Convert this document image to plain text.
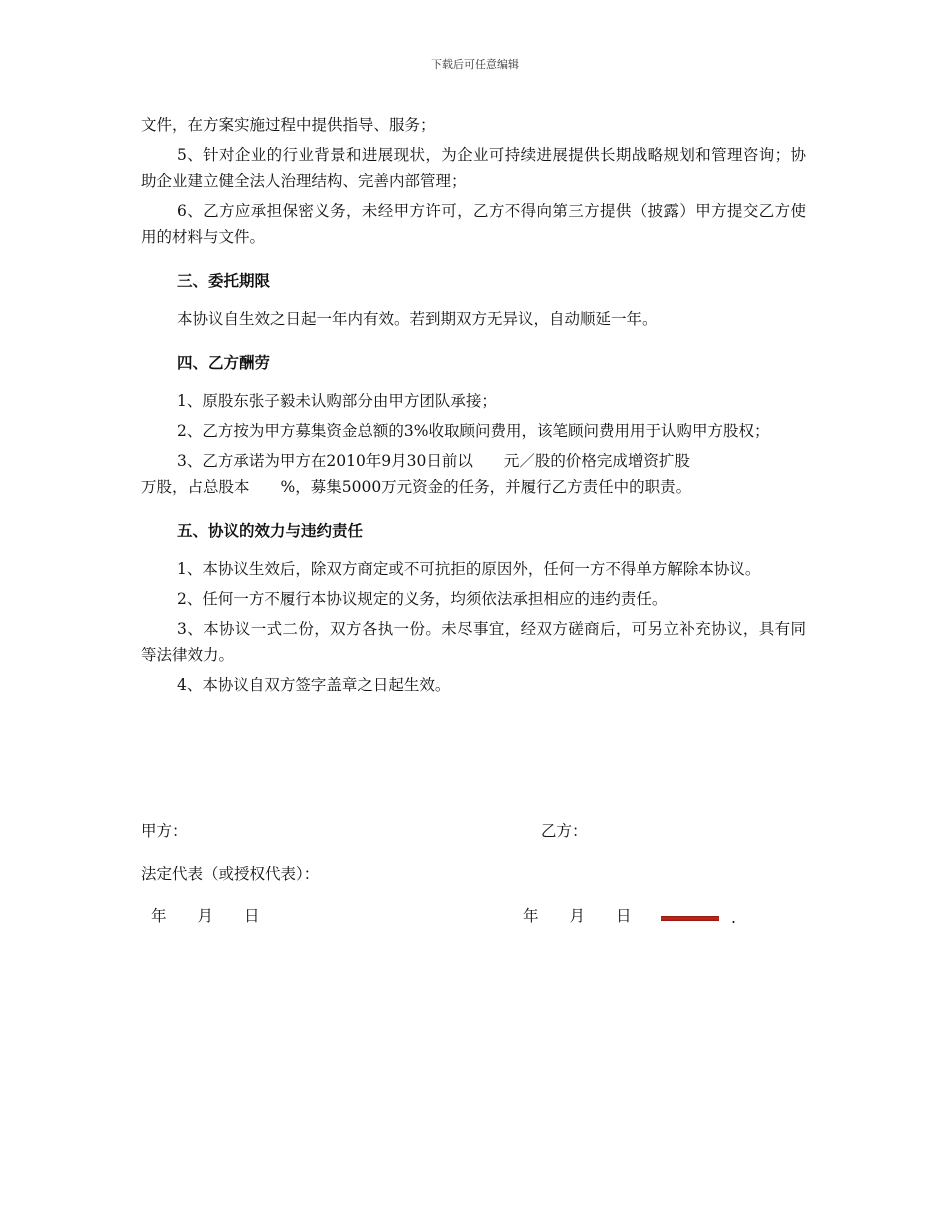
下载后可任意编辑

文件，在方案实施过程中提供指导、服务；

5、针对企业的行业背景和进展现状，为企业可持续进展提供长期战略规划和管理咨询；协助企业建立健全法人治理结构、完善内部管理；

6、乙方应承担保密义务，未经甲方许可，乙方不得向第三方提供（披露）甲方提交乙方使用的材料与文件。

三、委托期限

本协议自生效之日起一年内有效。若到期双方无异议，自动顺延一年。

四、乙方酬劳

1、原股东张子毅未认购部分由甲方团队承接；

2、乙方按为甲方募集资金总额的3%收取顾问费用，该笔顾问费用用于认购甲方股权；

3、乙方承诺为甲方在2010年9月30日前以　　元／股的价格完成增资扩股

万股，占总股本　　%，募集5000万元资金的任务，并履行乙方责任中的职责。

五、协议的效力与违约责任

1、本协议生效后，除双方商定或不可抗拒的原因外，任何一方不得单方解除本协议。

2、任何一方不履行本协议规定的义务，均须依法承担相应的违约责任。

3、本协议一式二份，双方各执一份。未尽事宜，经双方磋商后，可另立补充协议，具有同等法律效力。

4、本协议自双方签字盖章之日起生效。

甲方：	乙方：
法定代表（或授权代表）：
年　　月　　日	年　　月　　日	.
